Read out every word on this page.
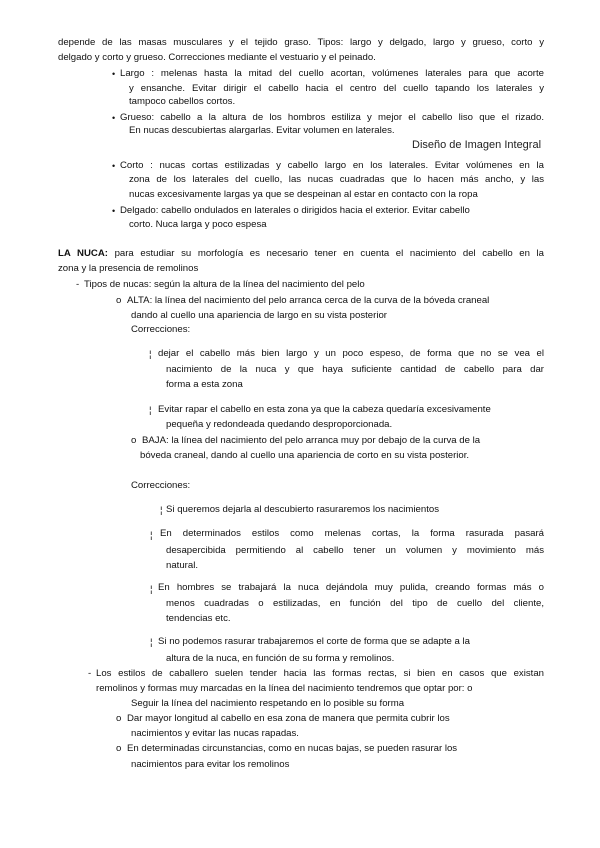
depende de las masas musculares y el tejido graso. Tipos: largo y delgado, largo y grueso, corto y
delgado y corto y grueso. Correcciones mediante el vestuario y el peinado.
• Largo : melenas hasta la mitad del cuello acortan, volúmenes laterales para que acorte
y ensanche. Evitar dirigir el cabello hacia el centro del cuello tapando los laterales y
tampoco cabellos cortos.
• Grueso: cabello a la altura de los hombros estiliza y mejor el cabello liso que el rizado.
En nucas descubiertas alargarlas. Evitar volumen en laterales.
Diseño de Imagen Integral
• Corto : nucas cortas estilizadas y cabello largo en los laterales. Evitar volúmenes en la
zona de los laterales del cuello, las nucas cuadradas que lo hacen más ancho, y las
nucas excesivamente largas ya que se despeinan al estar en contacto con la ropa
• Delgado: cabello ondulados en laterales o dirigidos hacia el exterior. Evitar cabello
corto. Nuca larga y poco espesa
LA NUCA: para estudiar su morfología es necesario tener en cuenta el nacimiento del cabello en la
zona y la presencia de remolinos
- Tipos de nucas: según la altura de la línea del nacimiento del pelo
o ALTA: la línea del nacimiento del pelo arranca cerca de la curva de la bóveda craneal
dando al cuello una apariencia de largo en su vista posterior
Correcciones:
¦ dejar el cabello más bien largo y un poco espeso, de forma que no se vea el
nacimiento de la nuca y que haya suficiente cantidad de cabello para dar
forma a esta zona
¦ Evitar rapar el cabello en esta zona ya que la cabeza quedaría excesivamente
pequeña y redondeada quedando desproporcionada.
o BAJA: la línea del nacimiento del pelo arranca muy por debajo de la curva de la
bóveda craneal, dando al cuello una apariencia de corto en su vista posterior.
Correcciones:
¦ Si queremos dejarla al descubierto rasuraremos los nacimientos
¦ En determinados estilos como melenas cortas, la forma rasurada pasará
desapercibida permitiendo al cabello tener un volumen y movimiento más
natural.
¦ En hombres se trabajará la nuca dejándola muy pulida, creando formas más o
menos cuadradas o estilizadas, en función del tipo de cuello del cliente,
tendencias etc.
¦ Si no podemos rasurar trabajaremos el corte de forma que se adapte a la
altura de la nuca, en función de su forma y remolinos.
- Los estilos de caballero suelen tender hacia las formas rectas, si bien en casos que existan
remolinos y formas muy marcadas en la línea del nacimiento tendremos que optar por: o
Seguir la línea del nacimiento respetando en lo posible su forma
o Dar mayor longitud al cabello en esa zona de manera que permita cubrir los
nacimientos y evitar las nucas rapadas.
o En determinadas circunstancias, como en nucas bajas, se pueden rasurar los
nacimientos para evitar los remolinos
